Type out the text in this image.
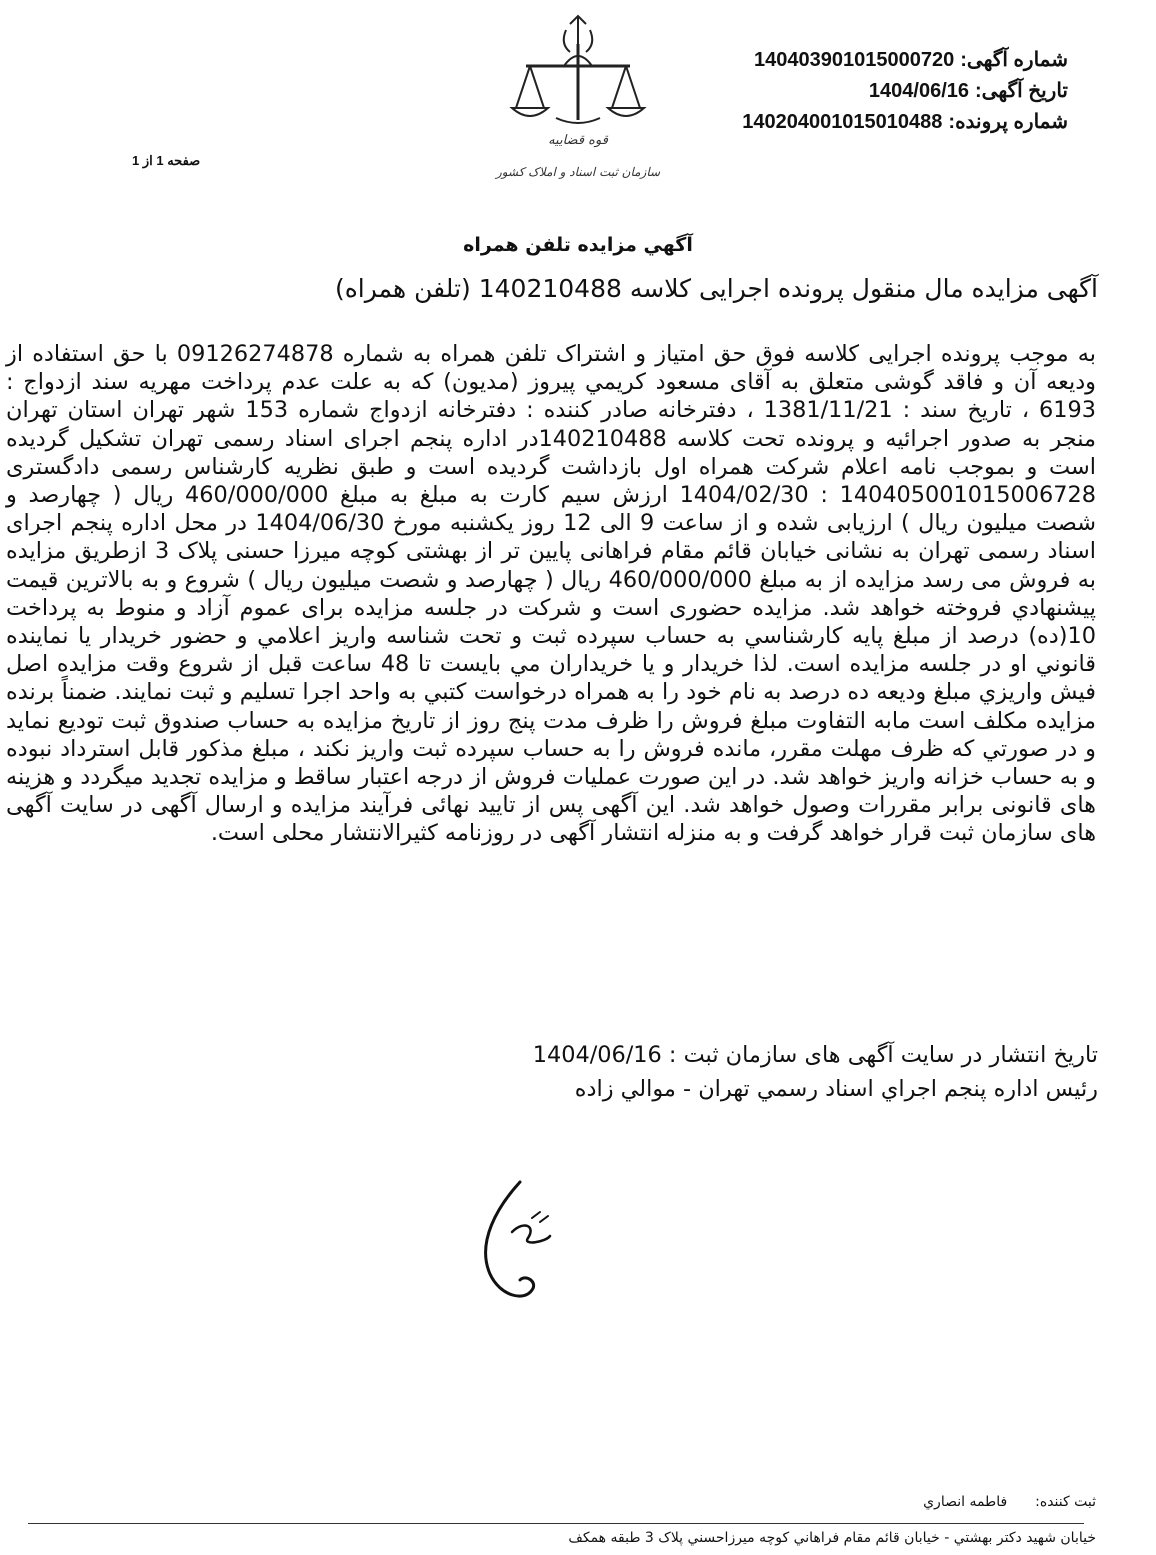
شماره آگهی:140403901015000720
تاریخ آگهی:1404/06/16
شماره پرونده:140204001015010488
صفحه 1 از 1
قوه قضاییه
سازمان ثبت اسناد و املاک کشور
آگهي مزايده تلفن همراه
آگهی مزایده مال منقول پرونده اجرایی کلاسه 140210488 (تلفن همراه)
به موجب پرونده اجرایی کلاسه فوق حق امتیاز و اشتراک تلفن همراه به شماره 09126274878 با حق استفاده از ودیعه آن و فاقد گوشی متعلق به آقای مسعود کريمي پيروز (مديون) که به علت عدم پرداخت مهریه سند ازدواج : 6193 ، تاریخ سند : 1381/11/21 ، دفترخانه صادر کننده : دفترخانه ازدواج شماره 153 شهر تهران استان تهران منجر به صدور اجرائیه و پرونده تحت کلاسه 140210488در اداره پنجم اجرای اسناد رسمی تهران تشکیل گردیده است و بموجب نامه اعلام شرکت همراه اول بازداشت گردیده است و طبق نظریه کارشناس رسمی دادگستری 140405001015006728 : 1404/02/30 ارزش سیم کارت به مبلغ به مبلغ 460/000/000 ریال ( چهارصد و شصت میلیون ریال ) ارزیابی شده و از ساعت 9 الی 12 روز یکشنبه مورخ 1404/06/30 در محل اداره پنجم اجرای اسناد رسمی تهران به نشانی خیابان قائم مقام فراهانی پایین تر از بهشتی کوچه میرزا حسنی پلاک 3 ازطریق مزایده به فروش می رسد مزایده از به مبلغ 460/000/000 ریال ( چهارصد و شصت میلیون ریال ) شروع و به بالاترین قیمت پيشنهادي فروخته خواهد شد. مزایده حضوری است و شرکت در جلسه مزایده برای عموم آزاد و منوط به پرداخت 10(ده) درصد از مبلغ پایه کارشناسي به حساب سپرده ثبت و تحت شناسه واريز اعلامي و حضور خريدار يا نماينده قانوني او در جلسه مزايده است. لذا خريدار و يا خريداران مي بايست تا 48 ساعت قبل از شروع وقت مزايده اصل فيش واريزي مبلغ وديعه ده درصد به نام خود را به همراه درخواست کتبي به واحد اجرا تسليم و ثبت نمايند. ضمناً برنده مزایده مکلف است مابه التفاوت مبلغ فروش را ظرف مدت پنج روز از تاریخ مزایده به حساب صندوق ثبت توديع نمايد و در صورتي که ظرف مهلت مقرر، مانده فروش را به حساب سپرده ثبت واريز نکند ، مبلغ مذکور قابل استرداد نبوده و به حساب خزانه واريز خواهد شد. در این صورت عملیات فروش از درجه اعتبار ساقط و مزایده تجدید میگردد و هزینه های قانونی برابر مقررات وصول خواهد شد. این آگهی پس از تایید نهائی فرآیند مزایده و ارسال آگهی در سایت آگهی های سازمان ثبت قرار خواهد گرفت و به منزله انتشار آگهی در روزنامه کثیرالانتشار محلی است.
تاریخ انتشار در سایت آگهی های سازمان ثبت : 1404/06/16
رئيس اداره پنجم اجراي اسناد رسمي تهران - موالي زاده
ثبت کننده:فاطمه انصاري
خيابان شهيد دکتر بهشتي - خيابان قائم مقام فراهاني کوچه ميرزاحسني پلاک 3 طبقه همکف
